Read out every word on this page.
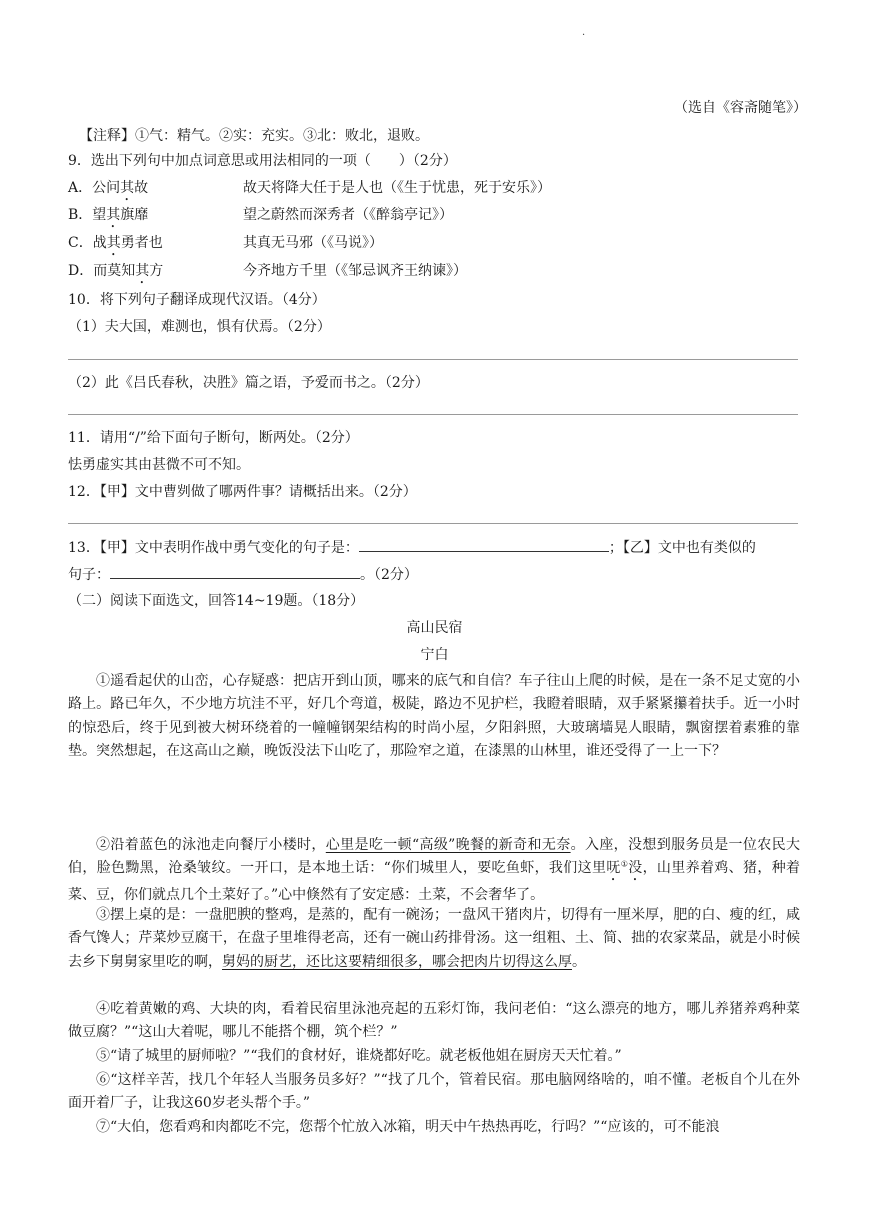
·
（选自《容斋随笔》）
【注释】①气：精气。②实：充实。③北：败北，退败。
9．选出下列句中加点词意思或用法相同的一项（　　）（2分）
A．公问其故	故天将降大任于是人也（《生于忧患，死于安乐》）
B．望其旗靡	望之蔚然而深秀者（《醉翁亭记》）
C．战其勇者也	其真无马邪（《马说》）
D．而莫知其方	今齐地方千里（《邹忌讽齐王纳谏》）
10．将下列句子翻译成现代汉语。（4分）
（1）夫大国，难测也，惧有伏焉。（2分）
（2）此《吕氏春秋，决胜》篇之语，予爱而书之。（2分）
11．请用“/”给下面句子断句，断两处。（2分）
怯勇虚实其由甚微不可不知。
12．【甲】文中曹刿做了哪两件事？请概括出来。（2分）
13．【甲】文中表明作战中勇气变化的句子是：	；【乙】文中也有类似的
句子：	。（2分）
（二）阅读下面选文，回答14~19题。（18分）
高山民宿
宁白
①遥看起伏的山峦，心存疑惑：把店开到山顶，哪来的底气和自信？车子往山上爬的时候，是在一条不足丈宽的小路上。路已年久，不少地方坑洼不平，好几个弯道，极陡，路边不见护栏，我瞪着眼睛，双手紧紧攥着扶手。近一小时的惊恐后，终于见到被大树环绕着的一幢幢钢架结构的时尚小屋，夕阳斜照，大玻璃墙晃人眼睛，飘窗摆着素雅的靠垫。突然想起，在这高山之巅，晚饭没法下山吃了，那险窄之道，在漆黑的山林里，谁还受得了一上一下？
②沿着蓝色的泳池走向餐厅小楼时，心里是吃一顿“高级”晚餐的新奇和无奈。入座，没想到服务员是一位农民大伯，脸色黝黑，沧桑皱纹。一开口，是本地土话：“你们城里人，要吃鱼虾，我们这里呒①没，山里养着鸡、猪，种着菜、豆，你们就点几个土菜好了。”心中倏然有了安定感：土菜，不会奢华了。
③摆上桌的是：一盘肥腴的整鸡，是蒸的，配有一碗汤；一盘风干猪肉片，切得有一厘米厚，肥的白、瘦的红，咸香气馋人；芹菜炒豆腐干，在盘子里堆得老高，还有一碗山药排骨汤。这一组粗、土、简、拙的农家菜品，就是小时候去乡下舅舅家里吃的啊，舅妈的厨艺，还比这要精细很多，哪会把肉片切得这么厚。
④吃着黄嫩的鸡、大块的肉，看着民宿里泳池亮起的五彩灯饰，我问老伯：“这么漂亮的地方，哪儿养猪养鸡种菜做豆腐？”“这山大着呢，哪儿不能搭个棚，筑个栏？”
⑤“请了城里的厨师啦？”“我们的食材好，谁烧都好吃。就老板他姐在厨房天天忙着。”
⑥“这样辛苦，找几个年轻人当服务员多好？”“找了几个，管着民宿。那电脑网络啥的，咱不懂。老板自个儿在外面开着厂子，让我这60岁老头帮个手。”
⑦“大伯，您看鸡和肉都吃不完，您帮个忙放入冰箱，明天中午热热再吃，行吗？”“应该的，可不能浪
